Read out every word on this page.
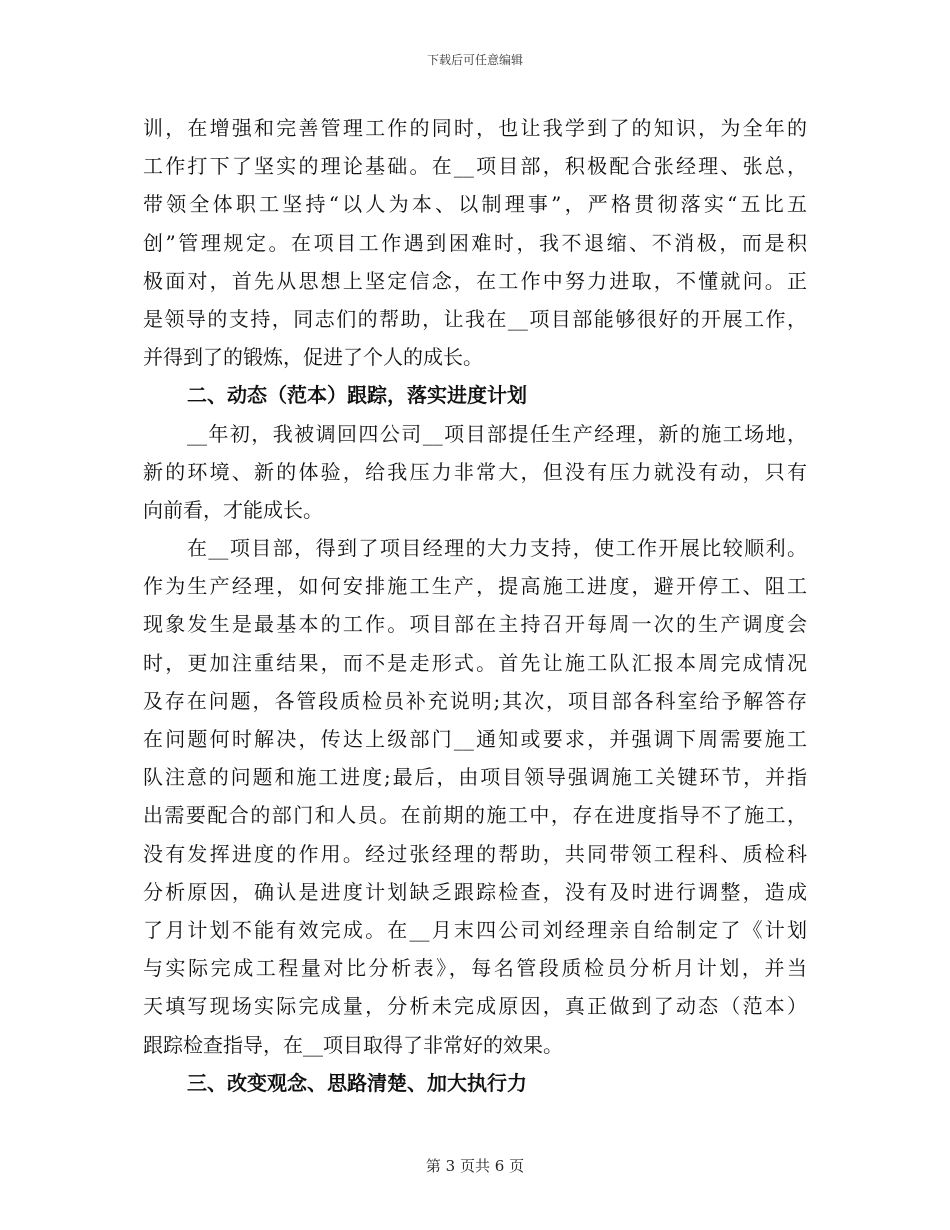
下载后可任意编辑
训，在增强和完善管理工作的同时，也让我学到了的知识，为全年的
工作打下了坚实的理论基础。在__项目部，积极配合张经理、张总，
带领全体职工坚持“以人为本、以制理事”，严格贯彻落实“五比五
创”管理规定。在项目工作遇到困难时，我不退缩、不消极，而是积
极面对，首先从思想上坚定信念，在工作中努力进取，不懂就问。正
是领导的支持，同志们的帮助，让我在__项目部能够很好的开展工作，
并得到了的锻炼，促进了个人的成长。
二、动态（范本）跟踪，落实进度计划
__年初，我被调回四公司__项目部提任生产经理，新的施工场地，
新的环境、新的体验，给我压力非常大，但没有压力就没有动，只有
向前看，才能成长。
在__项目部，得到了项目经理的大力支持，使工作开展比较顺利。
作为生产经理，如何安排施工生产，提高施工进度，避开停工、阻工
现象发生是最基本的工作。项目部在主持召开每周一次的生产调度会
时，更加注重结果，而不是走形式。首先让施工队汇报本周完成情况
及存在问题，各管段质检员补充说明;其次，项目部各科室给予解答存
在问题何时解决，传达上级部门__通知或要求，并强调下周需要施工
队注意的问题和施工进度;最后，由项目领导强调施工关键环节，并指
出需要配合的部门和人员。在前期的施工中，存在进度指导不了施工，
没有发挥进度的作用。经过张经理的帮助，共同带领工程科、质检科
分析原因，确认是进度计划缺乏跟踪检查，没有及时进行调整，造成
了月计划不能有效完成。在__月末四公司刘经理亲自给制定了《计划
与实际完成工程量对比分析表》，每名管段质检员分析月计划，并当
天填写现场实际完成量，分析未完成原因，真正做到了动态（范本）
跟踪检查指导，在__项目取得了非常好的效果。
三、改变观念、思路清楚、加大执行力
第 3 页共 6 页
